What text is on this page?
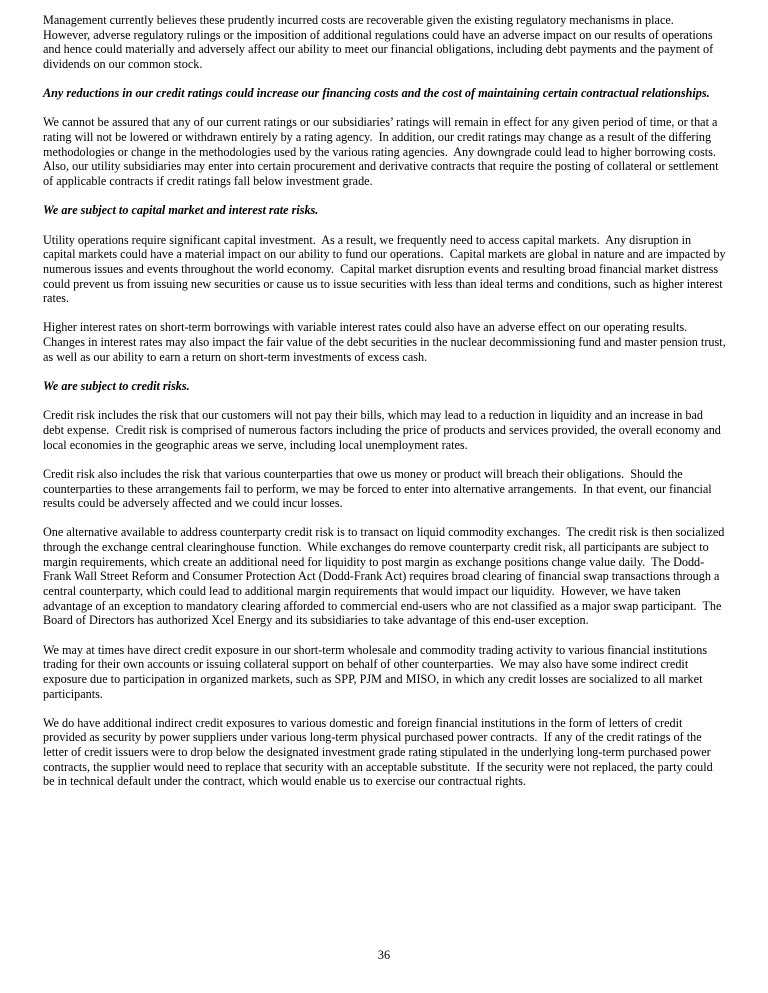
Management currently believes these prudently incurred costs are recoverable given the existing regulatory mechanisms in place.  However, adverse regulatory rulings or the imposition of additional regulations could have an adverse impact on our results of operations and hence could materially and adversely affect our ability to meet our financial obligations, including debt payments and the payment of dividends on our common stock.

Any reductions in our credit ratings could increase our financing costs and the cost of maintaining certain contractual relationships.

We cannot be assured that any of our current ratings or our subsidiaries’ ratings will remain in effect for any given period of time, or that a rating will not be lowered or withdrawn entirely by a rating agency.  In addition, our credit ratings may change as a result of the differing methodologies or change in the methodologies used by the various rating agencies.  Any downgrade could lead to higher borrowing costs.  Also, our utility subsidiaries may enter into certain procurement and derivative contracts that require the posting of collateral or settlement of applicable contracts if credit ratings fall below investment grade.

We are subject to capital market and interest rate risks.

Utility operations require significant capital investment.  As a result, we frequently need to access capital markets.  Any disruption in capital markets could have a material impact on our ability to fund our operations.  Capital markets are global in nature and are impacted by numerous issues and events throughout the world economy.  Capital market disruption events and resulting broad financial market distress could prevent us from issuing new securities or cause us to issue securities with less than ideal terms and conditions, such as higher interest rates.

Higher interest rates on short-term borrowings with variable interest rates could also have an adverse effect on our operating results.  Changes in interest rates may also impact the fair value of the debt securities in the nuclear decommissioning fund and master pension trust, as well as our ability to earn a return on short-term investments of excess cash.

We are subject to credit risks.

Credit risk includes the risk that our customers will not pay their bills, which may lead to a reduction in liquidity and an increase in bad debt expense.  Credit risk is comprised of numerous factors including the price of products and services provided, the overall economy and local economies in the geographic areas we serve, including local unemployment rates.

Credit risk also includes the risk that various counterparties that owe us money or product will breach their obligations.  Should the counterparties to these arrangements fail to perform, we may be forced to enter into alternative arrangements.  In that event, our financial results could be adversely affected and we could incur losses.

One alternative available to address counterparty credit risk is to transact on liquid commodity exchanges.  The credit risk is then socialized through the exchange central clearinghouse function.  While exchanges do remove counterparty credit risk, all participants are subject to margin requirements, which create an additional need for liquidity to post margin as exchange positions change value daily.  The Dodd-Frank Wall Street Reform and Consumer Protection Act (Dodd-Frank Act) requires broad clearing of financial swap transactions through a central counterparty, which could lead to additional margin requirements that would impact our liquidity.  However, we have taken advantage of an exception to mandatory clearing afforded to commercial end-users who are not classified as a major swap participant.  The Board of Directors has authorized Xcel Energy and its subsidiaries to take advantage of this end-user exception.

We may at times have direct credit exposure in our short-term wholesale and commodity trading activity to various financial institutions trading for their own accounts or issuing collateral support on behalf of other counterparties.  We may also have some indirect credit exposure due to participation in organized markets, such as SPP, PJM and MISO, in which any credit losses are socialized to all market participants.

We do have additional indirect credit exposures to various domestic and foreign financial institutions in the form of letters of credit provided as security by power suppliers under various long-term physical purchased power contracts.  If any of the credit ratings of the letter of credit issuers were to drop below the designated investment grade rating stipulated in the underlying long-term purchased power contracts, the supplier would need to replace that security with an acceptable substitute.  If the security were not replaced, the party could be in technical default under the contract, which would enable us to exercise our contractual rights.

36
